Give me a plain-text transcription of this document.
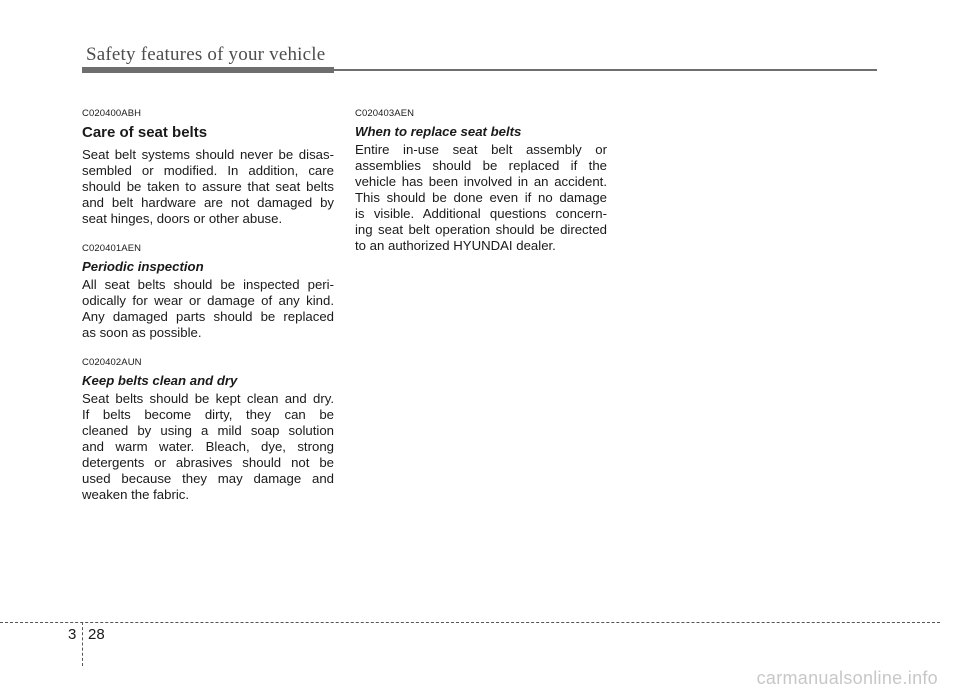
Safety features of your vehicle

C020400ABH

Care of seat belts

Seat belt systems should never be disas-
sembled or modified. In addition, care
should be taken to assure that seat belts
and belt hardware are not damaged by
seat hinges, doors or other abuse.

C020401AEN

Periodic inspection

All seat belts should be inspected peri-
odically for wear or damage of any kind.
Any damaged parts should be replaced
as soon as possible.

C020402AUN

Keep belts clean and dry

Seat belts should be kept clean and dry.
If belts become dirty, they can be
cleaned by using a mild soap solution
and warm water. Bleach, dye, strong
detergents or abrasives should not be
used because they may damage and
weaken the fabric.

C020403AEN

When to replace seat belts

Entire in-use seat belt assembly or
assemblies should be replaced if the
vehicle has been involved in an accident.
This should be done even if no damage
is visible. Additional questions concern-
ing seat belt operation should be directed
to an authorized HYUNDAI dealer.

3 28
carmanualsonline.info
